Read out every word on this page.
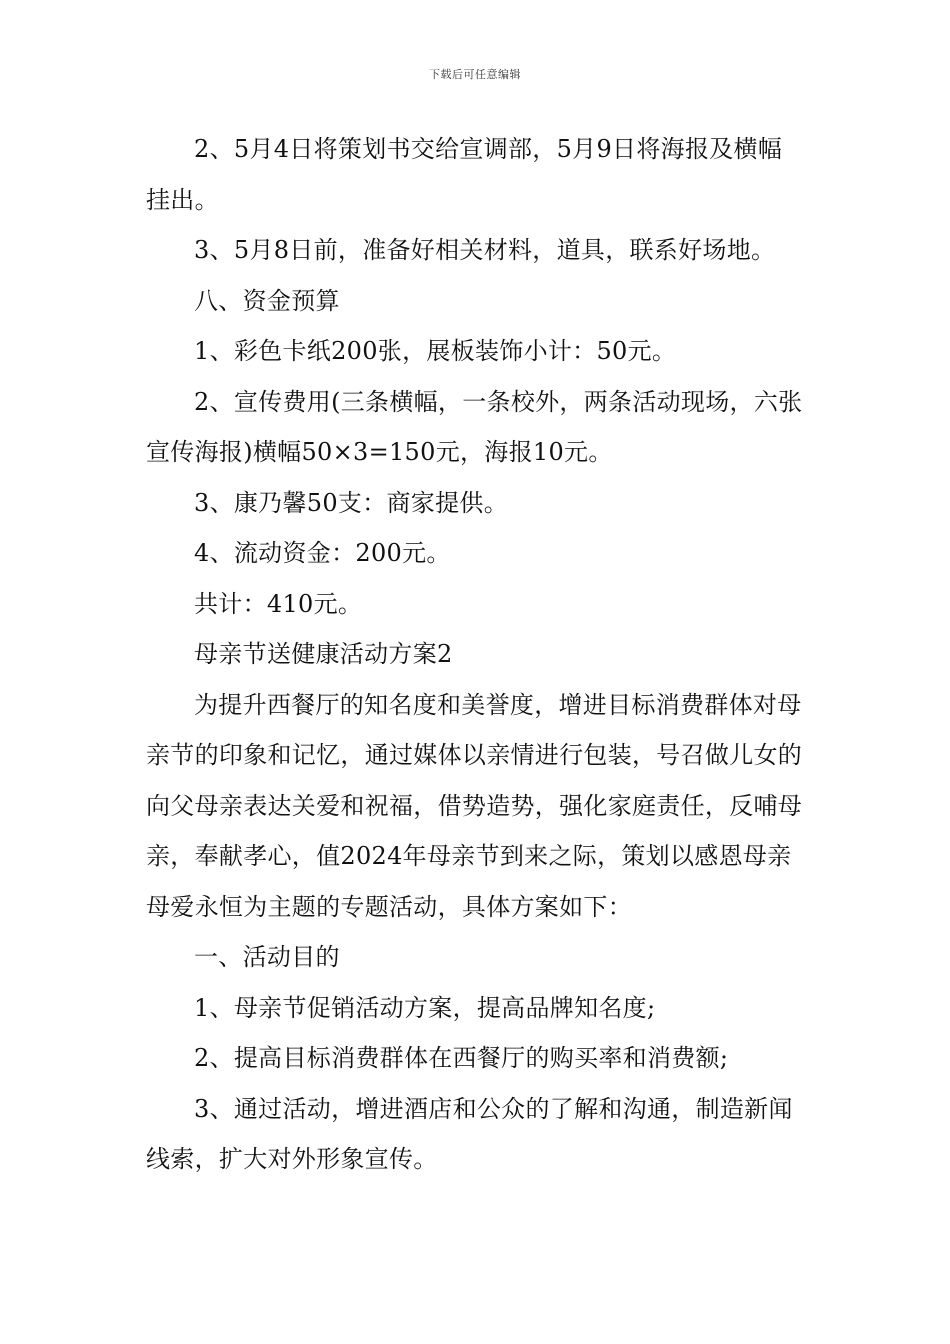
下载后可任意编辑

2、5月4日将策划书交给宣调部，5月9日将海报及横幅挂出。

3、5月8日前，准备好相关材料，道具，联系好场地。

八、资金预算

1、彩色卡纸200张，展板装饰小计：50元。

2、宣传费用(三条横幅，一条校外，两条活动现场，六张宣传海报)横幅50×3=150元，海报10元。

3、康乃馨50支：商家提供。

4、流动资金：200元。

共计：410元。

母亲节送健康活动方案2

为提升西餐厅的知名度和美誉度，增进目标消费群体对母亲节的印象和记忆，通过媒体以亲情进行包装，号召做儿女的向父母亲表达关爱和祝福，借势造势，强化家庭责任，反哺母亲，奉献孝心，值2024年母亲节到来之际，策划以感恩母亲母爱永恒为主题的专题活动，具体方案如下：

一、活动目的

1、母亲节促销活动方案，提高品牌知名度;

2、提高目标消费群体在西餐厅的购买率和消费额;

3、通过活动，增进酒店和公众的了解和沟通，制造新闻线索，扩大对外形象宣传。
